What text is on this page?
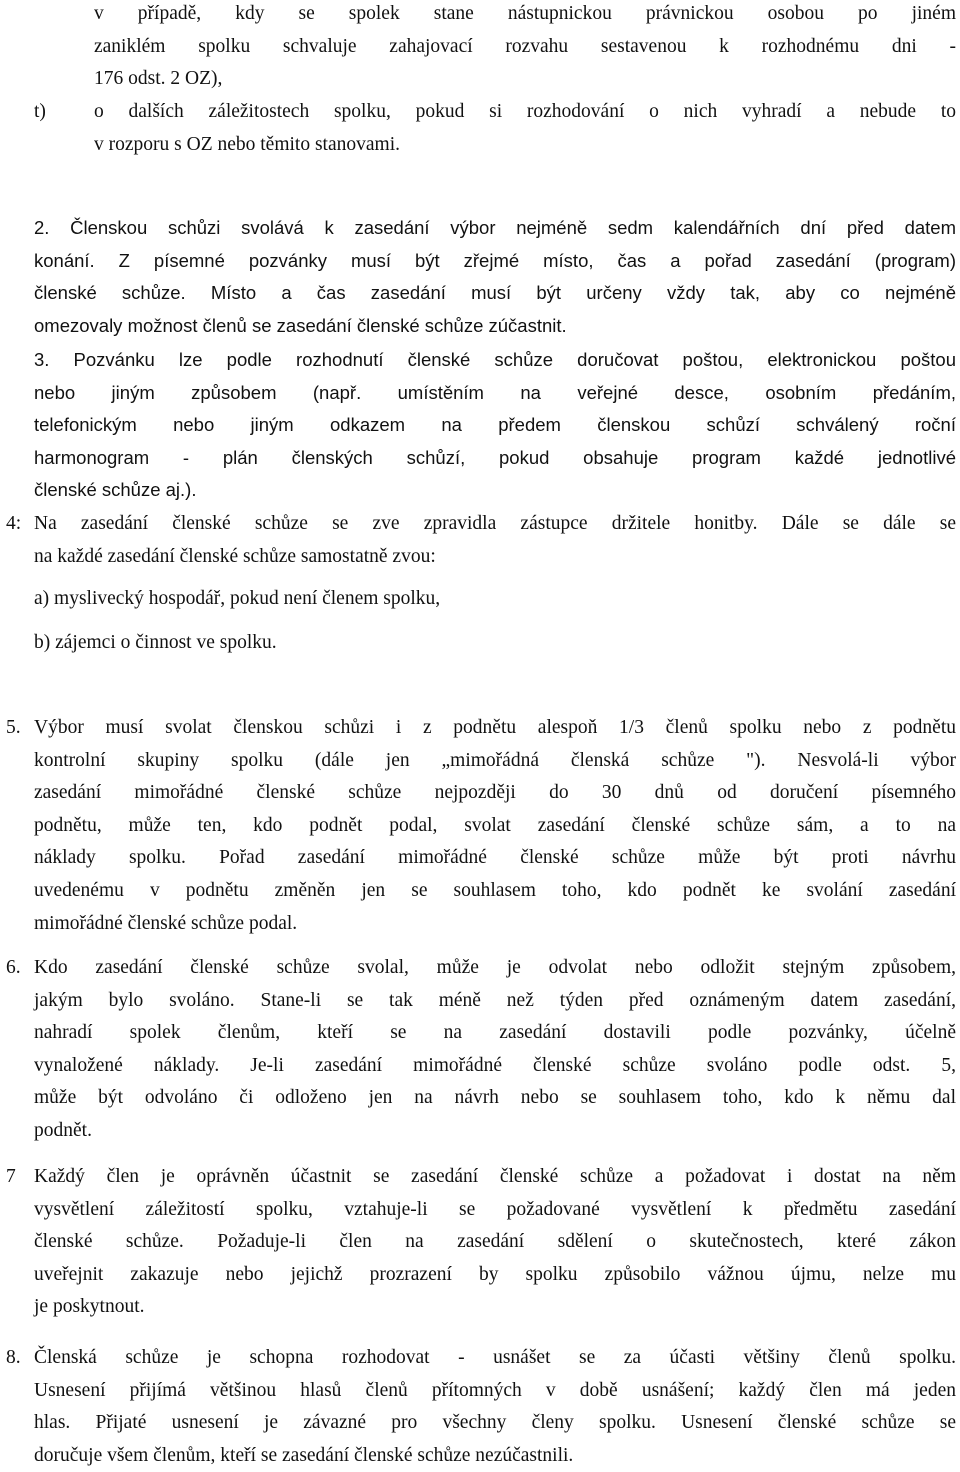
v případě, kdy se spolek stane nástupnickou právnickou osobou po jiném
zaniklém spolku schvaluje zahajovací rozvahu sestavenou k rozhodnému dni -
176 odst. 2 OZ),
t) o dalších záležitostech spolku, pokud si rozhodování o nich vyhradí a nebude to
v rozporu s OZ nebo těmito stanovami.
2. Členskou schůzi svolává k zasedání výbor nejméně sedm kalendářních dní před datem
konání. Z písemné pozvánky musí být zřejmé místo, čas a pořad zasedání (program)
členské schůze. Místo a čas zasedání musí být určeny vždy tak, aby co nejméně
omezovaly možnost členů se zasedání členské schůze zúčastnit.
3. Pozvánku lze podle rozhodnutí členské schůze doručovat poštou, elektronickou poštou
nebo jiným způsobem (např. umístěním na veřejné desce, osobním předáním,
telefonickým nebo jiným odkazem na předem členskou schůzí schválený roční
harmonogram - plán členských schůzí, pokud obsahuje program každé jednotlivé
členské schůze aj.).
4: Na zasedání členské schůze se zve zpravidla zástupce držitele honitby. Dále se dále se
na každé zasedání členské schůze samostatně zvou:
a) myslivecký hospodář, pokud není členem spolku,
b) zájemci o činnost ve spolku.
5. Výbor musí svolat členskou schůzi i z podnětu alespoň 1/3 členů spolku nebo z podnětu
kontrolní skupiny spolku (dále jen „mimořádná členská schůze "). Nesvolá-li výbor
zasedání mimořádné členské schůze nejpozději do 30 dnů od doručení písemného
podnětu, může ten, kdo podnět podal, svolat zasedání členské schůze sám, a to na
náklady spolku. Pořad zasedání mimořádné členské schůze může být proti návrhu
uvedenému v podnětu změněn jen se souhlasem toho, kdo podnět ke svolání zasedání
mimořádné členské schůze podal.
6. Kdo zasedání členské schůze svolal, může je odvolat nebo odložit stejným způsobem,
jakým bylo svoláno. Stane-li se tak méně než týden před oznámeným datem zasedání,
nahradí spolek členům, kteří se na zasedání dostavili podle pozvánky, účelně
vynaložené náklady. Je-li zasedání mimořádné členské schůze svoláno podle odst. 5,
může být odvoláno či odloženo jen na návrh nebo se souhlasem toho, kdo k němu dal
podnět.
7 Každý člen je oprávněn účastnit se zasedání členské schůze a požadovat i dostat na něm
vysvětlení záležitostí spolku, vztahuje-li se požadované vysvětlení k předmětu zasedání
členské schůze. Požaduje-li člen na zasedání sdělení o skutečnostech, které zákon
uveřejnit zakazuje nebo jejichž prozrazení by spolku způsobilo vážnou újmu, nelze mu
je poskytnout.
8. Členská schůze je schopna rozhodovat - usnášet se za účasti většiny členů spolku.
Usnesení přijímá většinou hlasů členů přítomných v době usnášení; každý člen má jeden
hlas. Přijaté usnesení je závazné pro všechny členy spolku. Usnesení členské schůze se
doručuje všem členům, kteří se zasedání členské schůze nezúčastnili.
